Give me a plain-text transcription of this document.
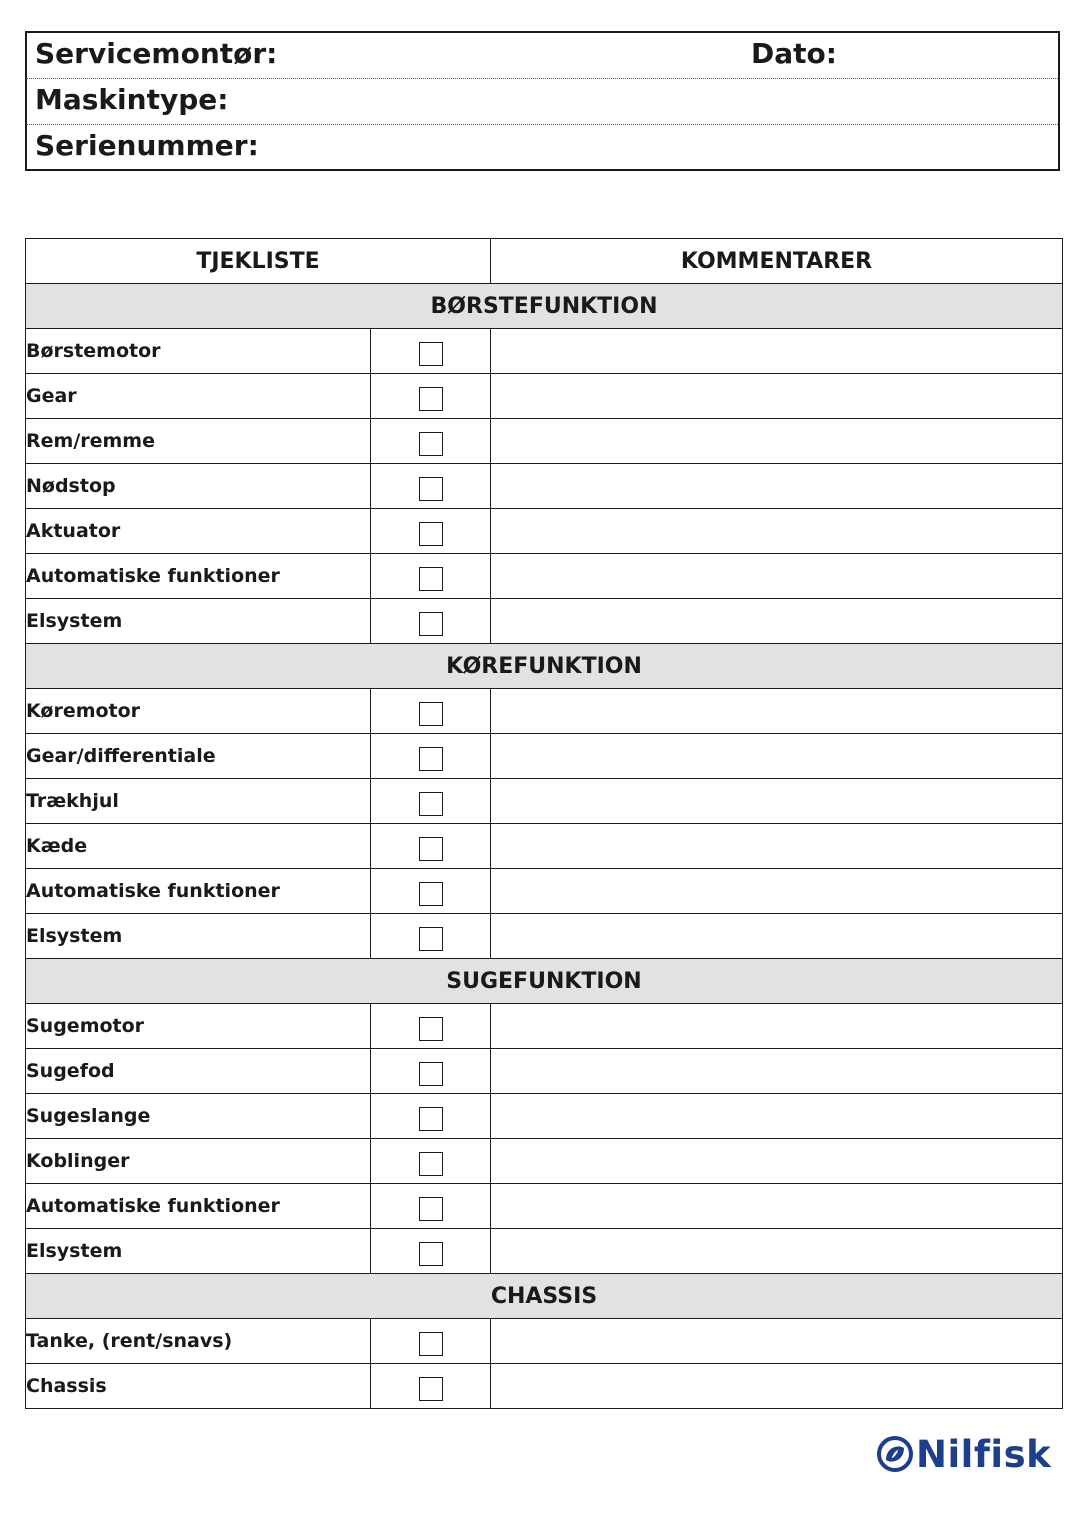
Servicemontør:	Dato:
Maskintype:
Serienummer:
TJEKLISTE		KOMMENTARER
BØRSTEFUNKTION		
Børstemotor		
Gear		
Rem/remme		
Nødstop		
Aktuator		
Automatiske funktioner		
Elsystem		
KØREFUNKTION		
Køremotor		
Gear/differentiale		
Trækhjul		
Kæde		
Automatiske funktioner		
Elsystem		
SUGEFUNKTION		
Sugemotor		
Sugefod		
Sugeslange		
Koblinger		
Automatiske funktioner		
Elsystem		
CHASSIS		
Tanke, (rent/snavs)		
Chassis		
Nilfisk
